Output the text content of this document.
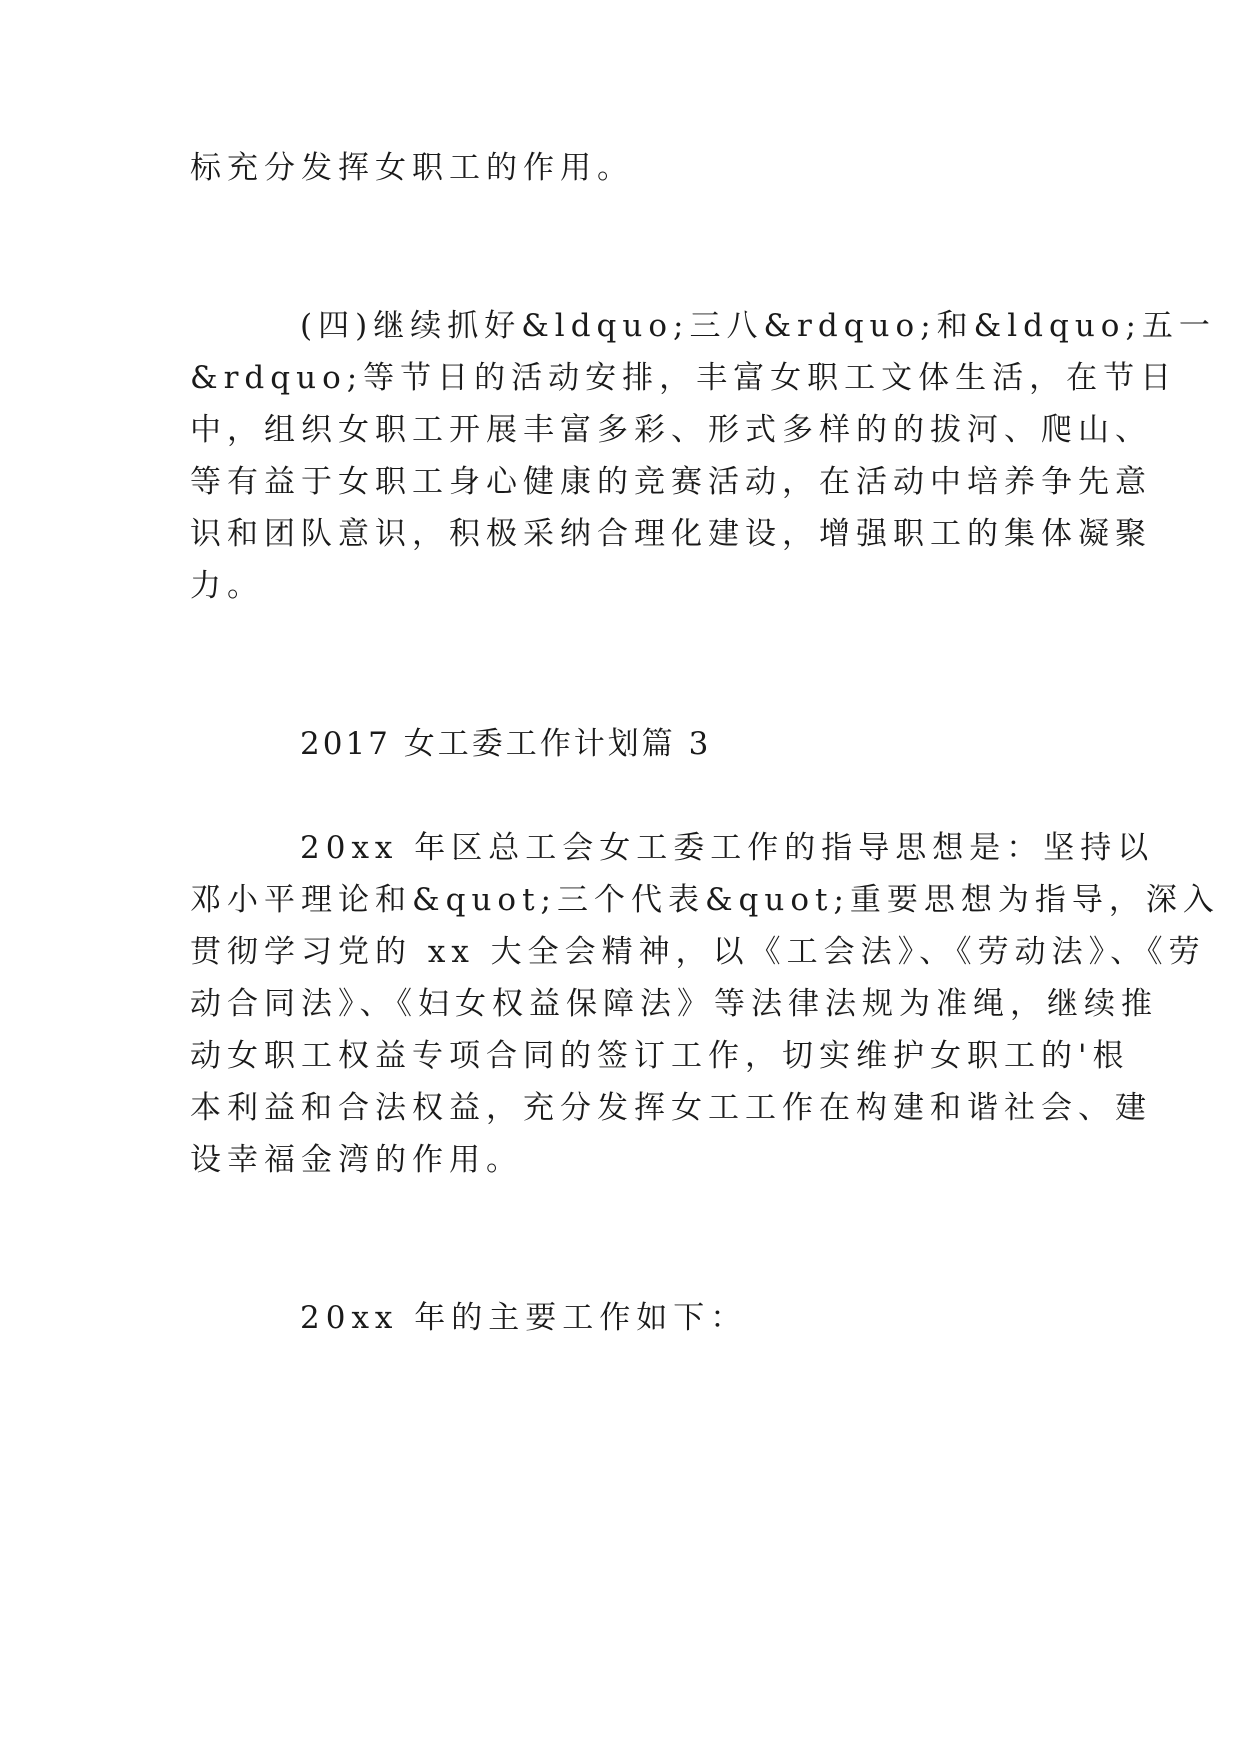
标充分发挥女职工的作用。
(四)继续抓好&ldquo;三八&rdquo;和&ldquo;五一
&rdquo;等节日的活动安排，丰富女职工文体生活，在节日
中，组织女职工开展丰富多彩、形式多样的的拔河、爬山、
等有益于女职工身心健康的竞赛活动，在活动中培养争先意
识和团队意识，积极采纳合理化建设，增强职工的集体凝聚
力。
2017 女工委工作计划篇 3
20xx 年区总工会女工委工作的指导思想是：坚持以
邓小平理论和&quot;三个代表&quot;重要思想为指导，深入
贯彻学习党的 xx 大全会精神，以《工会法》、《劳动法》、《劳
动合同法》、《妇女权益保障法》等法律法规为准绳，继续推
动女职工权益专项合同的签订工作，切实维护女职工的'根
本利益和合法权益，充分发挥女工工作在构建和谐社会、建
设幸福金湾的作用。
20xx 年的主要工作如下：
